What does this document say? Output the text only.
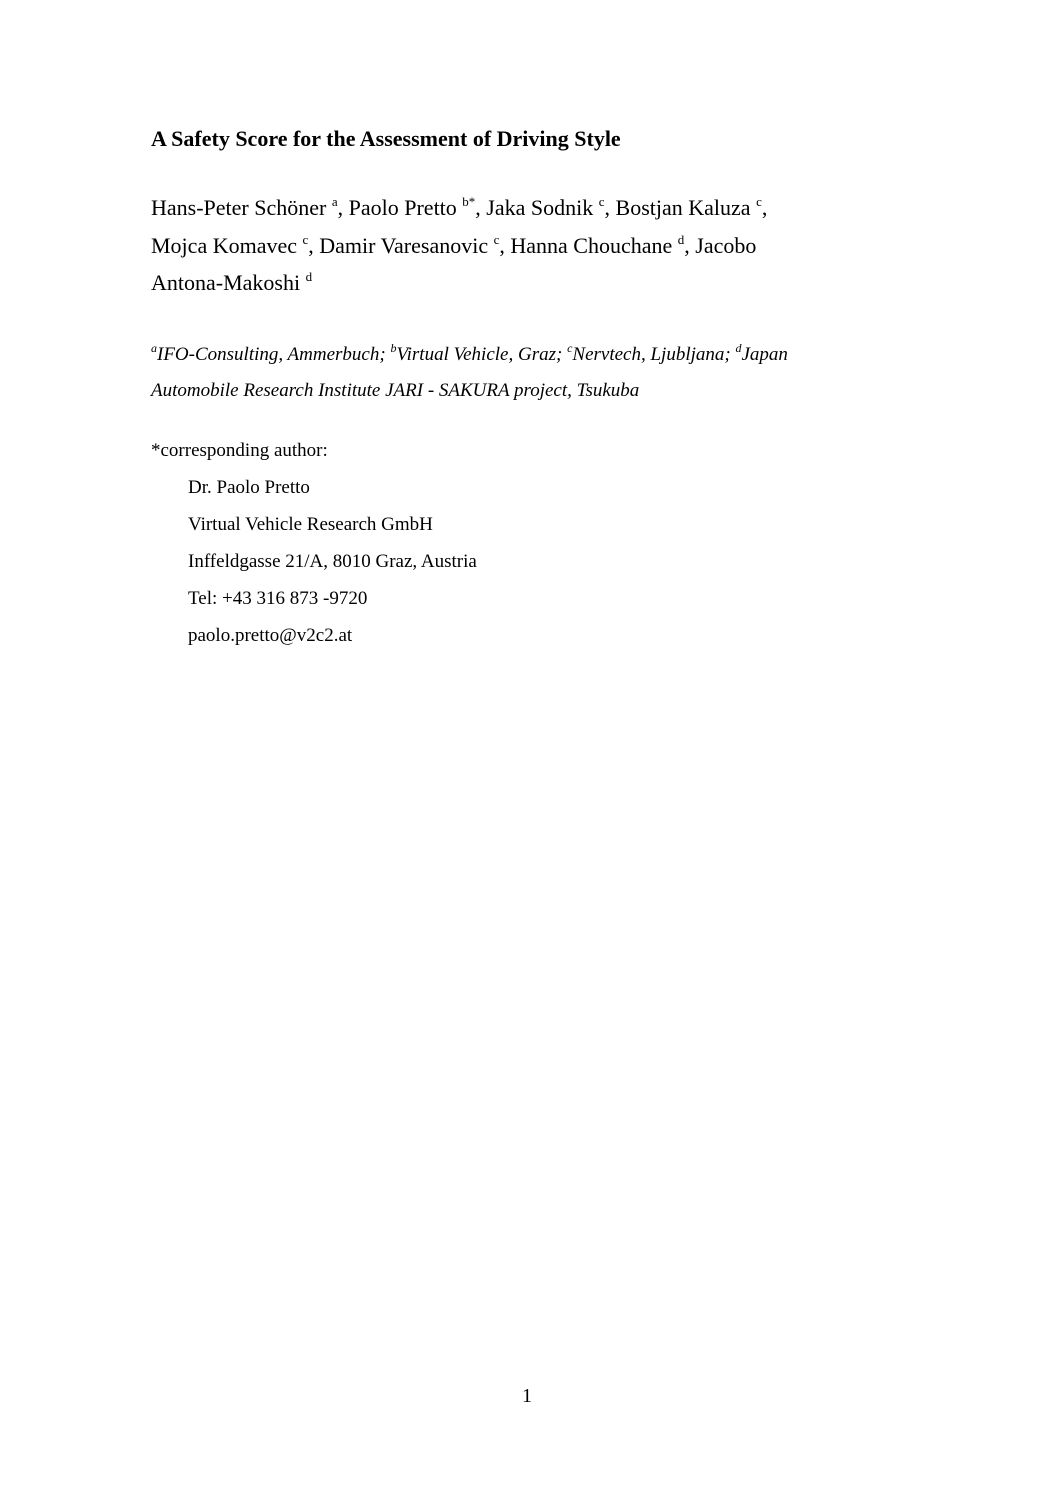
A Safety Score for the Assessment of Driving Style
Hans-Peter Schöner $^a$, Paolo Pretto $^{b*}$, Jaka Sodnik $^c$, Bostjan Kaluza $^c$,
Mojca Komavec $^c$, Damir Varesanovic $^c$, Hanna Chouchane $^d$, Jacobo
Antona-Makoshi $^d$
$^a$IFO-Consulting, Ammerbuch; $^b$Virtual Vehicle, Graz; $^c$Nervtech, Ljubljana; $^d$Japan
Automobile Research Institute JARI - SAKURA project, Tsukuba
*corresponding author:
Dr. Paolo Pretto
Virtual Vehicle Research GmbH
Inffeldgasse 21/A, 8010 Graz, Austria
Tel: +43 316 873 -9720
paolo.pretto@v2c2.at
1
